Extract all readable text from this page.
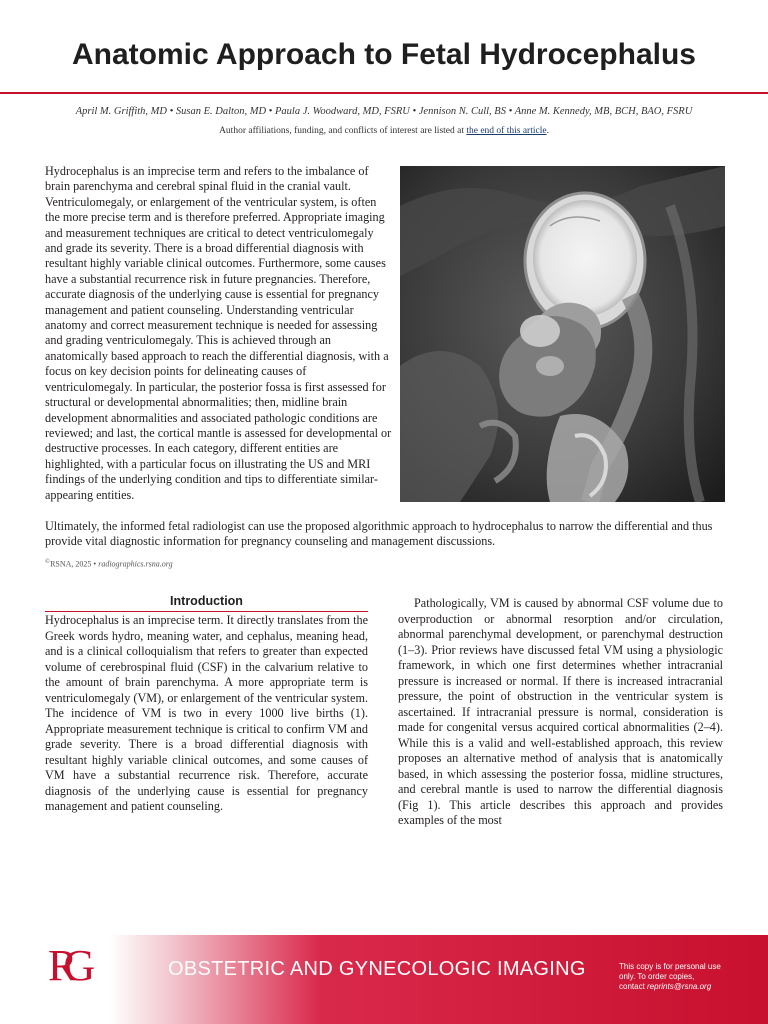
Anatomic Approach to Fetal Hydrocephalus
April M. Griffith, MD • Susan E. Dalton, MD • Paula J. Woodward, MD, FSRU • Jennison N. Cull, BS • Anne M. Kennedy, MB, BCH, BAO, FSRU
Author affiliations, funding, and conflicts of interest are listed at the end of this article.

Hydrocephalus is an imprecise term and refers to the imbalance of brain parenchyma and cerebral spinal fluid in the cranial vault. Ventriculomegaly, or enlargement of the ventricular system, is often the more precise term and is therefore preferred. Appropriate imaging and measurement techniques are critical to detect ventriculomegaly and grade its severity. There is a broad differential diagnosis with resultant highly variable clinical outcomes. Furthermore, some causes have a substantial recurrence risk in future pregnancies. Therefore, accurate diagnosis of the underlying cause is essential for pregnancy management and patient counseling. Understanding ventricular anatomy and correct measurement technique is needed for assessing and grading ventriculomegaly. This is achieved through an anatomically based approach to reach the differential diagnosis, with a focus on key decision points for delineating causes of ventriculomegaly. In particular, the posterior fossa is first assessed for structural or developmental abnormalities; then, midline brain development abnormalities and associated pathologic conditions are reviewed; and last, the cortical mantle is assessed for developmental or destructive processes. In each category, different entities are highlighted, with a particular focus on illustrating the US and MRI findings of the underlying condition and tips to differentiate similar-appearing entities.

Ultimately, the informed fetal radiologist can use the proposed algorithmic approach to hydrocephalus to narrow the differential and thus provide vital diagnostic information for pregnancy counseling and management discussions.

©RSNA, 2025 • radiographics.rsna.org
Introduction

Hydrocephalus is an imprecise term. It directly translates from the Greek words hydro, meaning water, and cephalus, meaning head, and is a clinical colloquialism that refers to greater than expected volume of cerebrospinal fluid (CSF) in the calvarium relative to the amount of brain parenchyma. A more appropriate term is ventriculomegaly (VM), or enlargement of the ventricular system. The incidence of VM is two in every 1000 live births (1). Appropriate measurement technique is critical to confirm VM and grade severity. There is a broad differential diagnosis with resultant highly variable clinical outcomes, and some causes of VM have a substantial recurrence risk. Therefore, accurate diagnosis of the underlying cause is essential for pregnancy management and patient counseling.

Pathologically, VM is caused by abnormal CSF volume due to overproduction or abnormal resorption and/or circulation, abnormal parenchymal development, or parenchymal destruction (1–3). Prior reviews have discussed fetal VM using a physiologic framework, in which one first determines whether intracranial pressure is increased or normal. If there is increased intracranial pressure, the point of obstruction in the ventricular system is ascertained. If intracranial pressure is normal, consideration is made for congenital versus acquired cortical abnormalities (2–4). While this is a valid and well-established approach, this review proposes an alternative method of analysis that is anatomically based, in which assessing the posterior fossa, midline structures, and cerebral mantle is used to narrow the differential diagnosis (Fig 1). This article describes this approach and provides examples of the most

RG	OBSTETRIC AND GYNECOLOGIC IMAGING	This copy is for personal use only. To order copies,
contact reprints@rsna.org
